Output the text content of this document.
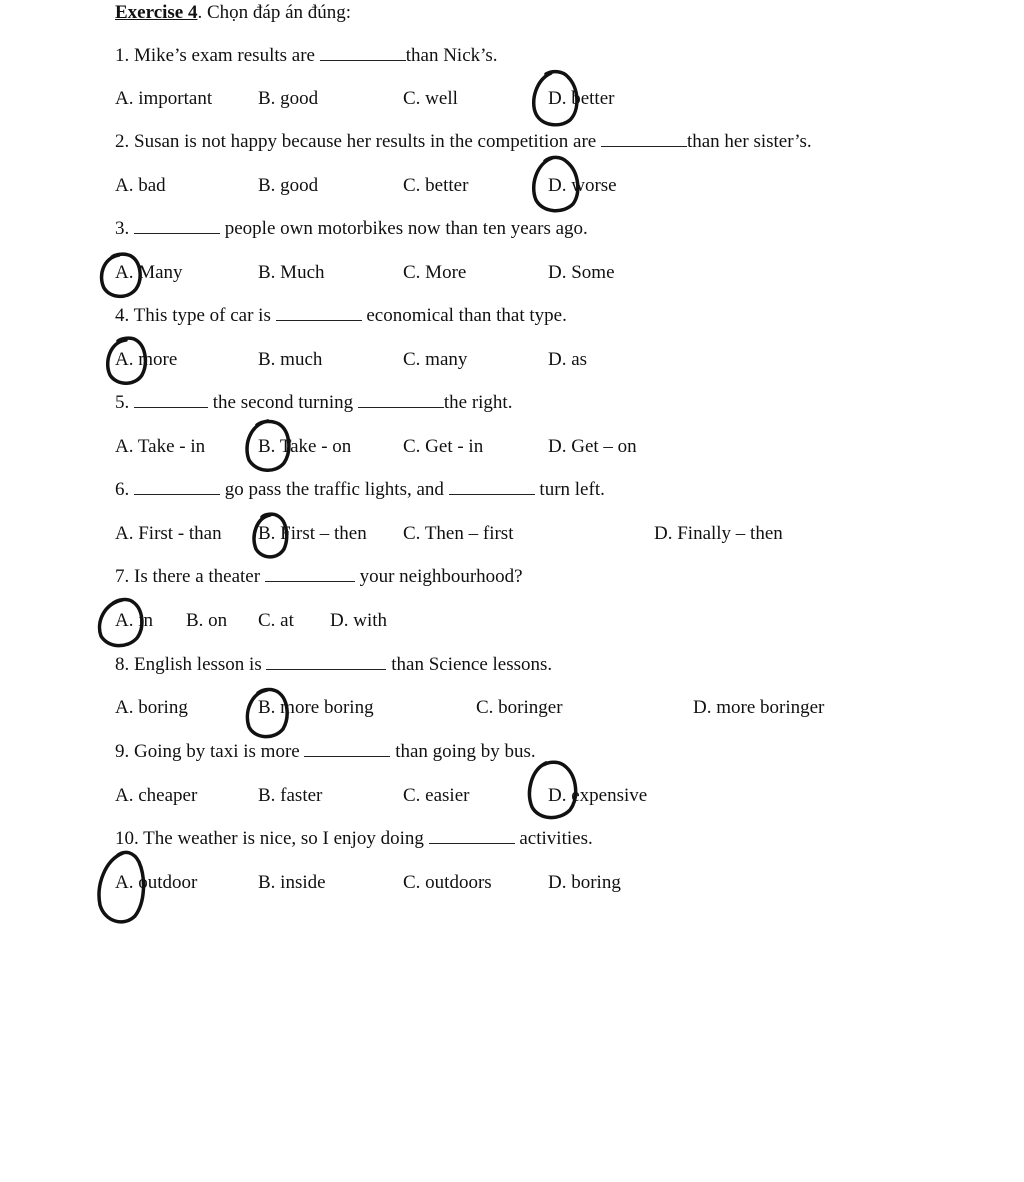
Exercise 4. Chọn đáp án đúng:
1. Mike’s exam results are	than Nick’s.
A. important B. good	C. well	D. better
2. Susan is not happy because her results in the competition are	than her sister’s.
A. bad	B. good	C. better	D. worse
3.	people own motorbikes now than ten years ago.
A. Many	B. Much	C. More	D. Some
4. This type of car is	economical than that type.
A. more	B. much	C. many	D. as
5.	the second turning	the right.
A. Take - in	B. Take - on	C. Get - in	D. Get – on
6.	go pass the traffic lights, and	turn left.
A. First - than B. First – then C. Then – first	D. Finally – then
7. Is there a theater	your neighbourhood?
A. in B. on C. at D. with
8. English lesson is	than Science lessons.
A. boring	B. more boring	C. boringer	D. more boringer
9. Going by taxi is more	than going by bus.
A. cheaper	B. faster	C. easier	D. expensive
10. The weather is nice, so I enjoy doing	activities.
A. outdoor	B. inside	C. outdoors	D. boring
